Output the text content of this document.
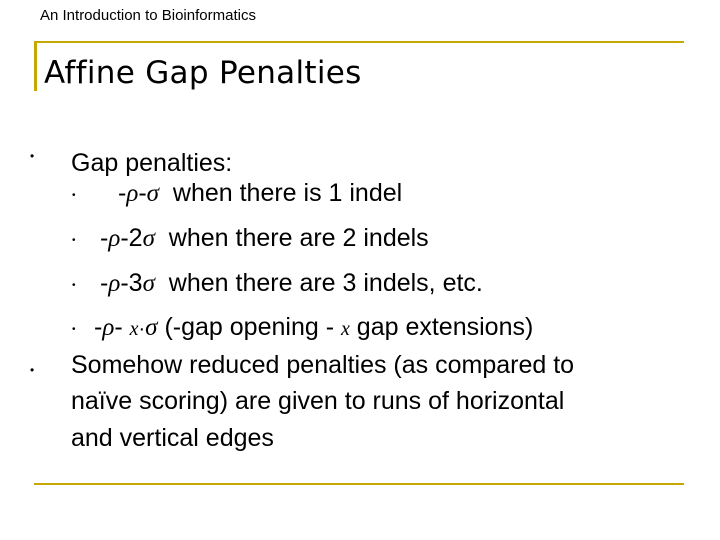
An Introduction to Bioinformatics
Affine Gap Penalties
• Gap penalties:
• -ρ-σ  when there is 1 indel
• -ρ-2σ  when there are 2 indels
• -ρ-3σ  when there are 3 indels, etc.
• -ρ- x·σ (-gap opening - x gap extensions)
• Somehow reduced penalties (as compared to
naïve scoring) are given to runs of horizontal
and vertical edges
